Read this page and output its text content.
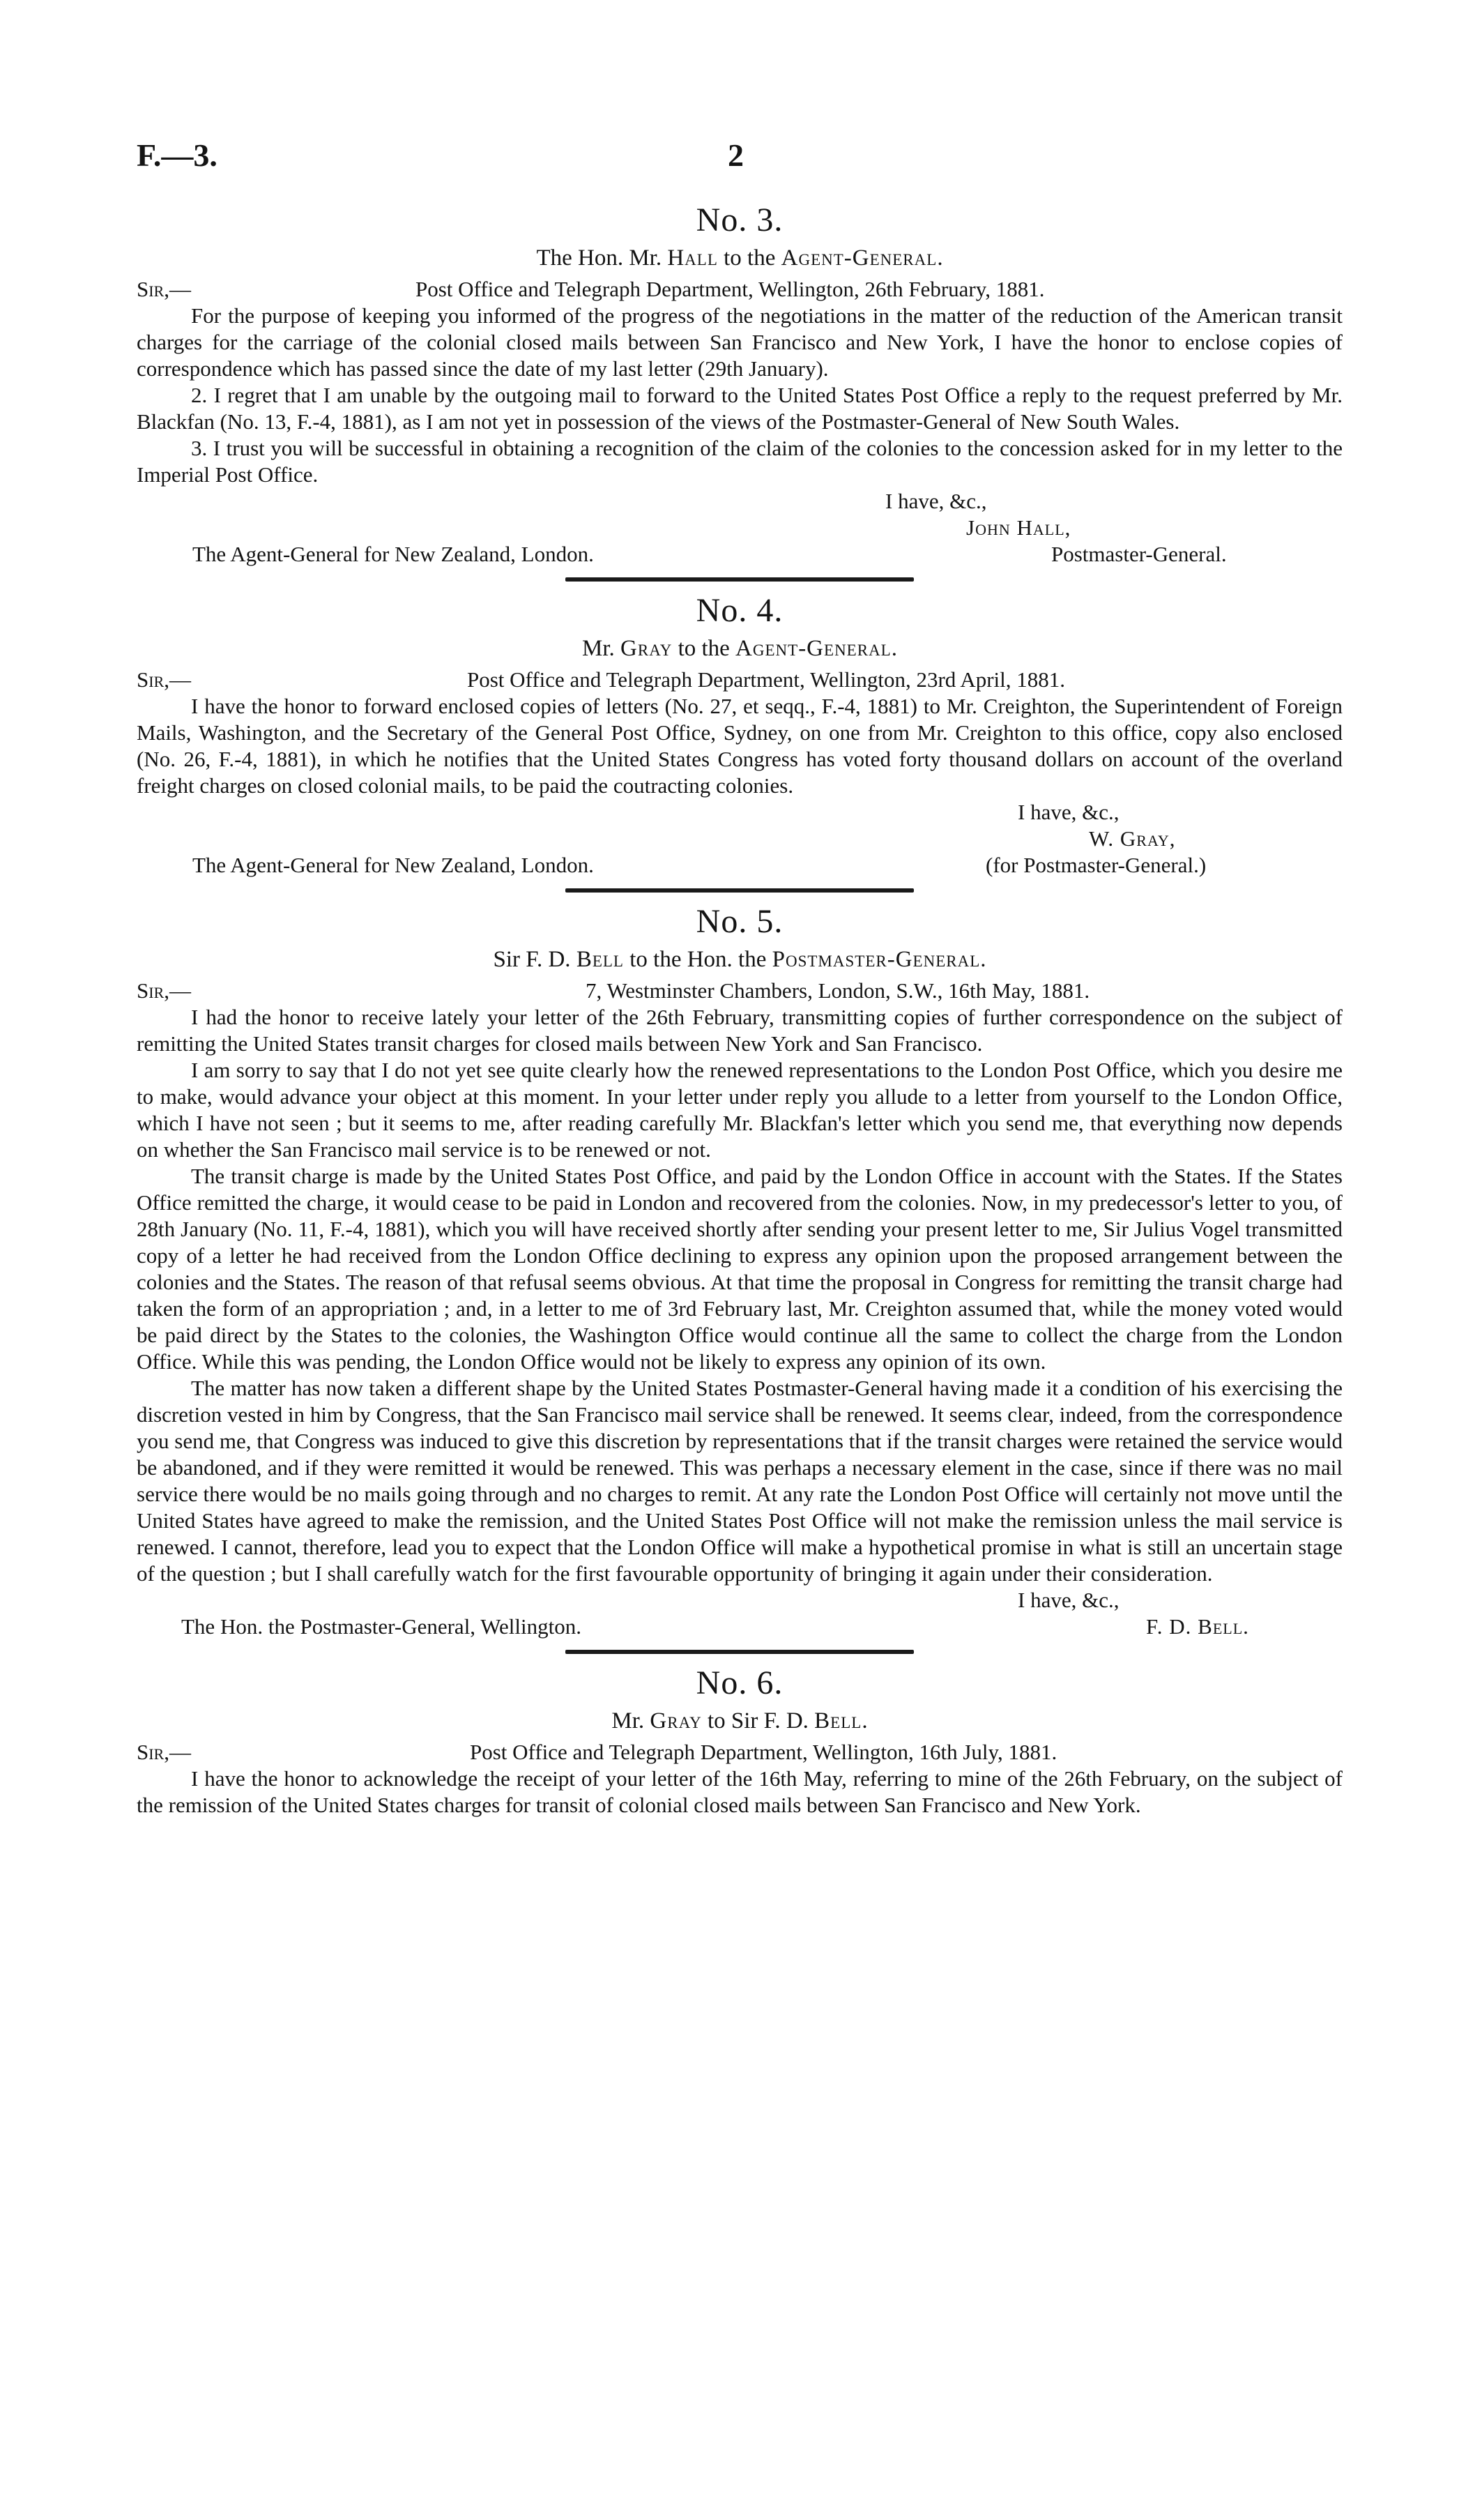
F.—3.	2
No. 3.
The Hon. Mr. Hall to the Agent-General.
Sir,—	Post Office and Telegraph Department, Wellington, 26th February, 1881.

For the purpose of keeping you informed of the progress of the negotiations in the matter of the reduction of the American transit charges for the carriage of the colonial closed mails between San Francisco and New York, I have the honor to enclose copies of correspondence which has passed since the date of my last letter (29th January).

2. I regret that I am unable by the outgoing mail to forward to the United States Post Office a reply to the request preferred by Mr. Blackfan (No. 13, F.-4, 1881), as I am not yet in possession of the views of the Postmaster-General of New South Wales.

3. I trust you will be successful in obtaining a recognition of the claim of the colonies to the concession asked for in my letter to the Imperial Post Office.

I have, &c.,
John Hall,
The Agent-General for New Zealand, London.	Postmaster-General.
No. 4.
Mr. Gray to the Agent-General.
Sir,—	Post Office and Telegraph Department, Wellington, 23rd April, 1881.

I have the honor to forward enclosed copies of letters (No. 27, et seqq., F.-4, 1881) to Mr. Creighton, the Superintendent of Foreign Mails, Washington, and the Secretary of the General Post Office, Sydney, on one from Mr. Creighton to this office, copy also enclosed (No. 26, F.-4, 1881), in which he notifies that the United States Congress has voted forty thousand dollars on account of the overland freight charges on closed colonial mails, to be paid the coutracting colonies.

I have, &c.,
W. Gray,
The Agent-General for New Zealand, London.	(for Postmaster-General.)
No. 5.
Sir F. D. Bell to the Hon. the Postmaster-General.
Sir,—	7, Westminster Chambers, London, S.W., 16th May, 1881.

I had the honor to receive lately your letter of the 26th February, transmitting copies of further correspondence on the subject of remitting the United States transit charges for closed mails between New York and San Francisco.

I am sorry to say that I do not yet see quite clearly how the renewed representations to the London Post Office, which you desire me to make, would advance your object at this moment. In your letter under reply you allude to a letter from yourself to the London Office, which I have not seen ; but it seems to me, after reading carefully Mr. Blackfan's letter which you send me, that everything now depends on whether the San Francisco mail service is to be renewed or not.

The transit charge is made by the United States Post Office, and paid by the London Office in account with the States. If the States Office remitted the charge, it would cease to be paid in London and recovered from the colonies. Now, in my predecessor's letter to you, of 28th January (No. 11, F.-4, 1881), which you will have received shortly after sending your present letter to me, Sir Julius Vogel transmitted copy of a letter he had received from the London Office declining to express any opinion upon the proposed arrangement between the colonies and the States. The reason of that refusal seems obvious. At that time the proposal in Congress for remitting the transit charge had taken the form of an appropriation ; and, in a letter to me of 3rd February last, Mr. Creighton assumed that, while the money voted would be paid direct by the States to the colonies, the Washington Office would continue all the same to collect the charge from the London Office. While this was pending, the London Office would not be likely to express any opinion of its own.

The matter has now taken a different shape by the United States Postmaster-General having made it a condition of his exercising the discretion vested in him by Congress, that the San Francisco mail service shall be renewed. It seems clear, indeed, from the correspondence you send me, that Congress was induced to give this discretion by representations that if the transit charges were retained the service would be abandoned, and if they were remitted it would be renewed. This was perhaps a necessary element in the case, since if there was no mail service there would be no mails going through and no charges to remit. At any rate the London Post Office will certainly not move until the United States have agreed to make the remission, and the United States Post Office will not make the remission unless the mail service is renewed. I cannot, therefore, lead you to expect that the London Office will make a hypothetical promise in what is still an uncertain stage of the question ; but I shall carefully watch for the first favourable opportunity of bringing it again under their consideration.

I have, &c.,
The Hon. the Postmaster-General, Wellington.	F. D. Bell.
No. 6.
Mr. Gray to Sir F. D. Bell.
Sir,—	Post Office and Telegraph Department, Wellington, 16th July, 1881.

I have the honor to acknowledge the receipt of your letter of the 16th May, referring to mine of the 26th February, on the subject of the remission of the United States charges for transit of colonial closed mails between San Francisco and New York.
